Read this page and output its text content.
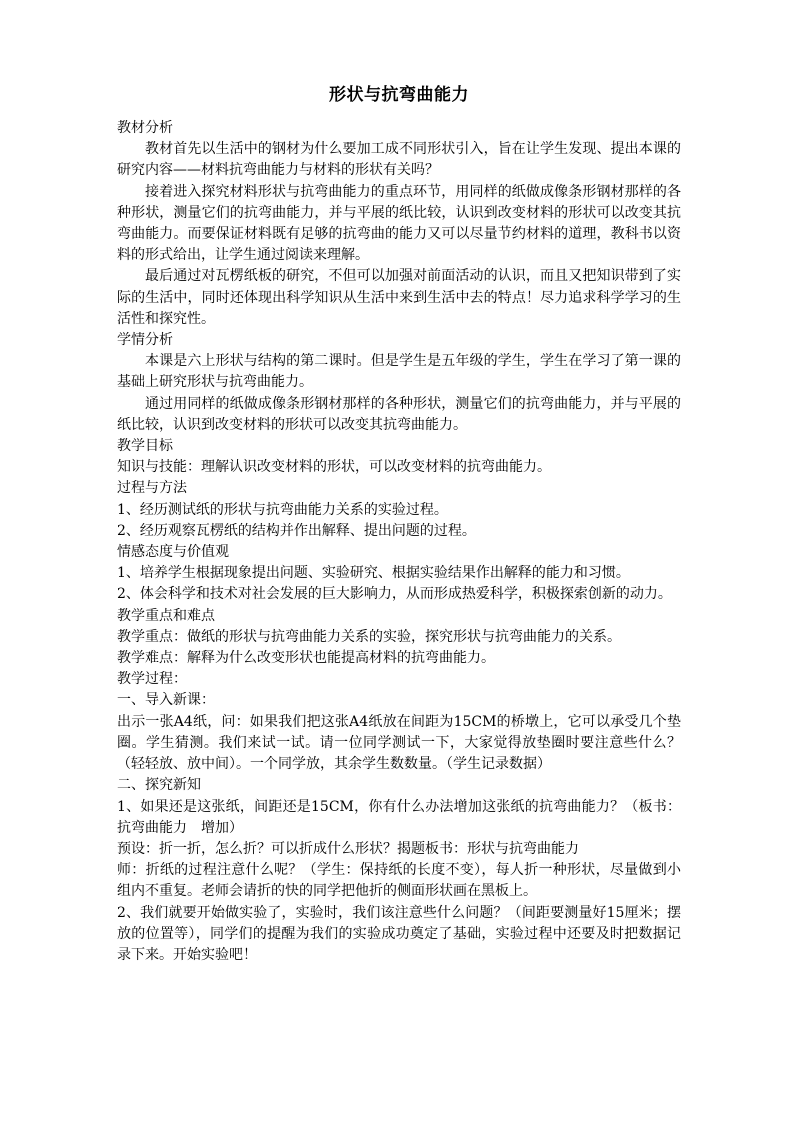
形状与抗弯曲能力

教材分析

教材首先以生活中的钢材为什么要加工成不同形状引入，旨在让学生发现、提出本课的研究内容——材料抗弯曲能力与材料的形状有关吗？

接着进入探究材料形状与抗弯曲能力的重点环节，用同样的纸做成像条形钢材那样的各种形状，测量它们的抗弯曲能力，并与平展的纸比较，认识到改变材料的形状可以改变其抗弯曲能力。而要保证材料既有足够的抗弯曲的能力又可以尽量节约材料的道理，教科书以资料的形式给出，让学生通过阅读来理解。

最后通过对瓦楞纸板的研究，不但可以加强对前面活动的认识，而且又把知识带到了实际的生活中，同时还体现出科学知识从生活中来到生活中去的特点！尽力追求科学学习的生活性和探究性。

学情分析

本课是六上形状与结构的第二课时。但是学生是五年级的学生，学生在学习了第一课的基础上研究形状与抗弯曲能力。

通过用同样的纸做成像条形钢材那样的各种形状，测量它们的抗弯曲能力，并与平展的纸比较，认识到改变材料的形状可以改变其抗弯曲能力。

教学目标

知识与技能：理解认识改变材料的形状，可以改变材料的抗弯曲能力。

过程与方法

1、经历测试纸的形状与抗弯曲能力关系的实验过程。

2、经历观察瓦楞纸的结构并作出解释、提出问题的过程。

情感态度与价值观

1、培养学生根据现象提出问题、实验研究、根据实验结果作出解释的能力和习惯。

2、体会科学和技术对社会发展的巨大影响力，从而形成热爱科学，积极探索创新的动力。

教学重点和难点

教学重点：做纸的形状与抗弯曲能力关系的实验，探究形状与抗弯曲能力的关系。

教学难点：解释为什么改变形状也能提高材料的抗弯曲能力。

教学过程：

一、导入新课：

出示一张A4纸，问：如果我们把这张A4纸放在间距为15CM的桥墩上，它可以承受几个垫圈。学生猜测。我们来试一试。请一位同学测试一下，大家觉得放垫圈时要注意些什么？（轻轻放、放中间）。一个同学放，其余学生数数量。（学生记录数据）

二、探究新知

1、如果还是这张纸，间距还是15CM，你有什么办法增加这张纸的抗弯曲能力？（板书：抗弯曲能力　增加）

预设：折一折，怎么折？可以折成什么形状？揭题板书：形状与抗弯曲能力

师：折纸的过程注意什么呢？（学生：保持纸的长度不变），每人折一种形状，尽量做到小组内不重复。老师会请折的快的同学把他折的侧面形状画在黑板上。

2、我们就要开始做实验了，实验时，我们该注意些什么问题？（间距要测量好15厘米；摆放的位置等），同学们的提醒为我们的实验成功奠定了基础，实验过程中还要及时把数据记录下来。开始实验吧！
